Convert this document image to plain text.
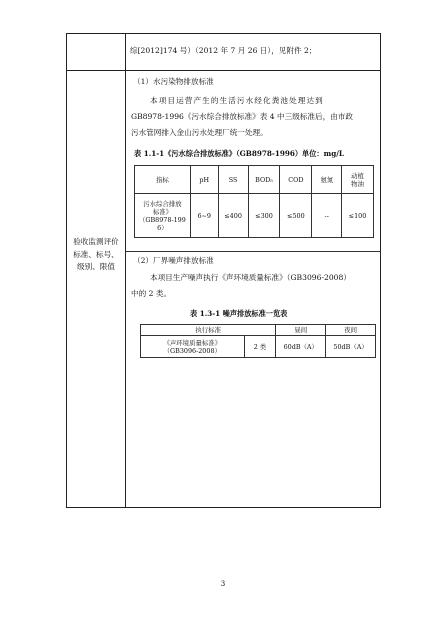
综[2012]174 号）（2012 年 7 月 26 日），见附件 2；
验收监测评价
标准、标号、
级别、限值
（1）水污染物排放标准
本项目运营产生的生活污水经化粪池处理达到
GB8978-1996《污水综合排放标准》表 4 中三级标准后，由市政
污水管网排入金山污水处理厂统一处理。
表 1.1-1《污水综合排放标准》（GB8978-1996）单位：mg/L
指标	pH	SS	BOD₅	COD	氨氮	动植
物油

污水综合排放
标准》
（GB8978-199
6）	6~9	≤400	≤300	≤500	--	≤100
（2）厂界噪声排放标准
本项目生产噪声执行《声环境质量标准》（GB3096-2008）
中的 2 类。
表 1.3-1 噪声排放标准一览表
执行标准		昼间	夜间

《声环境质量标准》
（GB3096-2008）	2 类	60dB（A）	50dB（A）
3
